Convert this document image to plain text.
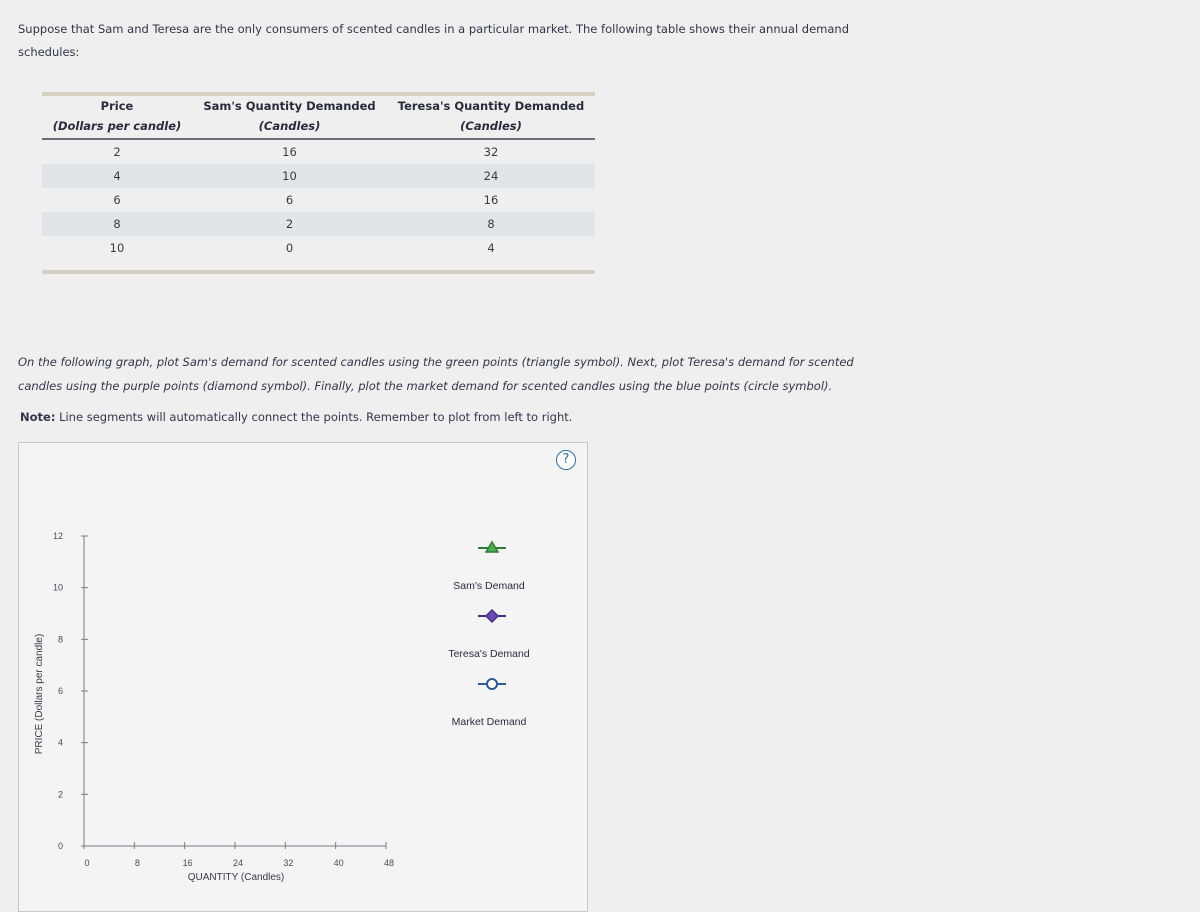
Suppose that Sam and Teresa are the only consumers of scented candles in a particular market. The following table shows their annual demand schedules:
Price	Sam's Quantity Demanded	Teresa's Quantity Demanded
(Dollars per candle)	(Candles)	(Candles)
2	16	32
4	10	24
6	6	16
8	2	8
10	0	4
On the following graph, plot Sam's demand for scented candles using the green points (triangle symbol). Next, plot Teresa's demand for scented candles using the purple points (diamond symbol). Finally, plot the market demand for scented candles using the blue points (circle symbol).
Note: Line segments will automatically connect the points. Remember to plot from left to right.
?
0
2
4
6
8
10
12
0	8	16	24	32	40	48
QUANTITY (Candles)
PRICE (Dollars per candle)
Sam's Demand
Teresa's Demand
Market Demand
